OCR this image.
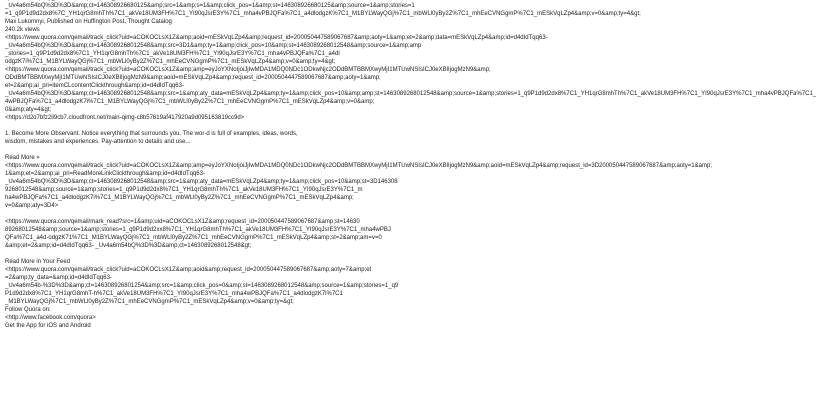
_Uv4a6m54bQ%3D%3D&amp;ct=146308926680125&amp;src=1&amp;s=1&amp;click_pos=1&amp;st=146308926680125&amp;source=1&amp;stories=1
=1_q9P1d9d2dx8%7C_YH1qrG8mhTh%7C1_akVe18UM3FH%7C1_YI90qJsrE3Y%7C1_mha4vPBJQFa%7C1_a4dlodgzK%7C1_M1BYLWayQGj%7C1_mbWLl0yBy2Z%7C1_mhEeCVNGgmP%7C1_mESkVqLZp4&amp;v=0&amp;ty=4&gt;
Max Lukomnyi, Published on Huffington Post, Thought Catalog
240.2k views
<https://www.quora.com/qemail/track_click?uid=aCOKOCLsX1Z&amp;aoid=mESkVqLZp4&amp;request_id=200050447589067687&amp;aoty=1&amp;et=2&amp;data=mESkVqLZp4&amp;id=d4dIdTqq63-
_Uv4a6m54bQ%3D%3D&amp;ct=1463089268012548&amp;src=3D1&amp;ty=1&amp;click_pos=10&amp;st=1463089268012548&amp;source=1&amp;amp
_stories=1_q9P1d9d2dx8%7C1_YH1qrG8mhTh%7C1_akVe18UM3FH%7C1_YI90qJsrE3Y%7C1_mha4vPBJQFa%7C1_a4dl
odgzK7i%7C1_M1BYLWayQGj%7C1_mbWLl0yBy2Z%7C1_mhEeCVNGgmP%7C1_mESkVqLZp4&amp;v=0&amp;ty=4&gt;
<https://www.quora.com/qemail/track_click?uid=aCOKOCLsX1Z&amp;amp=eyJoYXNoIjoiJjIwMDA1MDQ0NDc1ODkwNjc2ODdBMTBBMXwyMjI1MTUwNSIsICJ0eXBlIjogMzN9&amp;
ODdBMTBBMXwyMjI1MTUwNSIsICJ0eXBlIjogMzN9&amp;aoid=mESkVqLZp4&amp;request_id=2000504447589067687&amp;aoty=1&amp;
et=2&amp;ai_pri=itemCLcontentClickthrough&amp;id=d4dIdTqq63-
_Uv4a6m54bQ%3D%3D&amp;ct=1463089268012548&amp;src=1&amp;aty_data=mESkVqLZp4&amp;ty=1&amp;click_pos=10&amp;amp;st=1463089268012548&amp;source=1&amp;stories=1_q9P1d9d2dx8%7C1_YH1qrG8mhTh%7C1_akVe18UM3FH%7C1_YI90qJsrE3Y%7C1_mha4vPBJQFa%7C1_
4wPBJQFa%7C1_a4dlodgzK7i%7C1_M1BYLWayQGj%7C1_mbWLl0yBy2Z%7C1_mhEeCVNGgmP%7C1_mESkVqLZp4&amp;v=0&amp;
0&amp;aty=4&gt;
<https://d2o7bfz2il9cb7.cloudfront.net/main-qimg-c8b57619af417920a9d095163819cc9d>
1. Become More Observant. Notice everything that surrounds you. The wor-d is full of examples, ideas, words,
wisdom, mistakes and experiences. Pay-attention to details and use...
Read More »
<https://www.quora.com/qemail/track_click?uid=aCOKOCLsX1Z&amp;amp=eyJoYXNoIjoiJjIwMDA1MDQ0NDc1ODkwNjc2ODdBMTBBMXwyMjI1MTUwNSIsICJ0eXBlIjogMzN9&amp;aoid=mESkVqLZp4&amp;request_id=3D200050447589067687&amp;aoty=1&amp;
1&amp;et=2&amp;ai_pri=ReadMoreLinkClickthrough&amp;id=d4dIdTqq63-
_Uv4a6m54bQ%3D%3D&amp;ct=1463089268012548&amp;src=1&amp;aty_data=mESkVqLZp4&amp;ty=1&amp;click_pos=10&amp;st=3D146308
9268012548&amp;source=1&amp;stories=1_q9P1d9d2dx8%7C1_YH1qrG8mhTh%7C1_akVe18UM3FH%7C1_YI90qJsrE3Y%7C1_m
ha4wPBJQFa%7C1_a4dlodgzK7i%7C1_M1BYLWayQGj%7C1_mbWLl0yBy2Z%7C1_mhEeCVNGgmP%7C1_mESkVqLZp4&amp;
v=0&amp;aty=3D4>
<https://www.quora.com/qemail/mark_read?src=1&amp;uid=aCOKOCLsX1Z&amp;request_id=200050447589067687&amp;st=14630
89268012548&amp;source=1&amp;stories=1_q9P1d9d2xx8%7C1_YH1qrG8mhTh%7C1_akVe18UM3FH%7C1_YI90qJsrE3Y%7C1_mha4wPBJ
QFa%7C1_a4d-odgzK71%7C1_M1BYLWayQGj%7C1_mbWLl0yBy2Z%7C1_mhEeCVNGgmP%7C1_mESkVqLZp4&amp;st=2&amp;am=v=0
&amp;et=2&amp;id=d4dIdTqq63- _Uv4a6m54bQ%3D%3D&amp;ct=1463089268012548&gt;
Read More in Your Feed
<https://www.quora.com/qemail/track_click?uid=aCOKOCLsX1Z&amp;aoid&amp;request_id=200050447589067687&amp;aoty=7&amp;et
=2&amp;ty_data=&amp;id=d4dIdTqq63-
_Uv4a6m54b-%3D%3D&amp;ct=146308926801254&amp;src=1&amp;click_pos=0&amp;st=1463089268012548&amp;source=1&amp;stories=1_q9
P1d9d2dx8%7C1_YH1qrG8mhT-h%7C1_akVe18UM3FH%7C1_YI90qJsrE3Y%7C1_mha4wPBJQFa%7C1_a4dlodgzK7i%7C1
_M1BYLWayQGj%7C1_mbWLl0yBy2Z%7C1_mhEeCVNGgmP%7C1_mESkVqLZp4&amp;v=0&amp;ty=&gt;
Follow Quora on:
<http://www.facebook.com/quora>
Get the App for iOS and Android
